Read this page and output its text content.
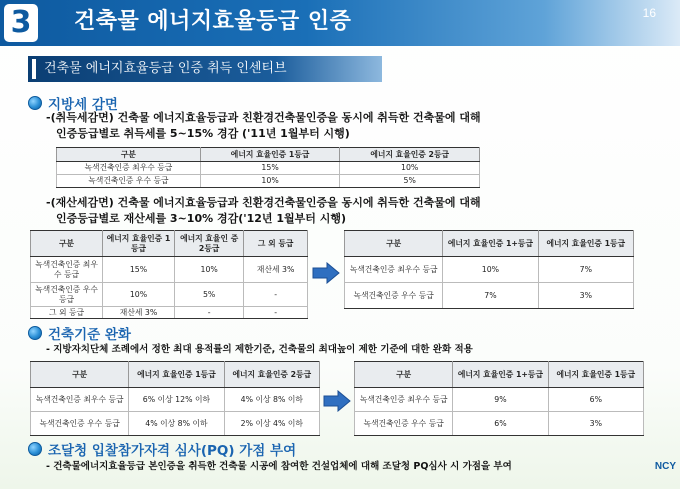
3 건축물 에너지효율등급 인증	16
건축물 에너지효율등급 인증 취득 인센티브
지방세 감면
-(취득세감면) 건축물 에너지효율등급과 친환경건축물인증을 동시에 취득한 건축물에 대해
인증등급별로 취득세를 5~15% 경감 ('11년 1월부터 시행)
구분	에너지 효율인증 1등급	에너지 효율인증 2등급
녹색건축인증 최우수 등급	15%	10%
녹색건축인증 우수 등급	10%	5%
-(재산세감면) 건축물 에너지효율등급과 친환경건축물인증을 동시에 취득한 건축물에 대해
인증등급별로 재산세를 3~10% 경감('12년 1월부터 시행)
구분	에너지 효율인증 1등급	에너지 효율인 증 2등급	그 외 등급
녹색건축인증 최우수 등급	15%	10%	재산세 3%
녹색건축인증 우수 등급	10%	5%	-
그 외 등급	재산세 3%	-	-
구분	에너지 효율인증 1+등급	에너지 효율인증 1등급
녹색건축인증 최우수 등급	10%	7%
녹색건축인증 우수 등급	7%	3%
건축기준 완화
- 지방자치단체 조례에서 정한 최대 용적률의 제한기준, 건축물의 최대높이 제한 기준에 대한 완화 적용
구분	에너지 효율인증 1등급	에너지 효율인증 2등급
녹색건축인증 최우수 등급	6% 이상 12% 이하	4% 이상 8% 이하
녹색건축인증 우수 등급	4% 이상 8% 이하	2% 이상 4% 이하
구분	에너지 효율인증 1+등급	에너지 효율인증 1등급
녹색건축인증 최우수 등급	9%	6%
녹색건축인증 우수 등급	6%	3%
조달청 입찰참가자격 심사(PQ) 가점 부여
- 건축물에너지효율등급 본인증을 취득한 건축물 시공에 참여한 건설업체에 대해 조달청 PQ심사 시 가점을 부여	NCY
